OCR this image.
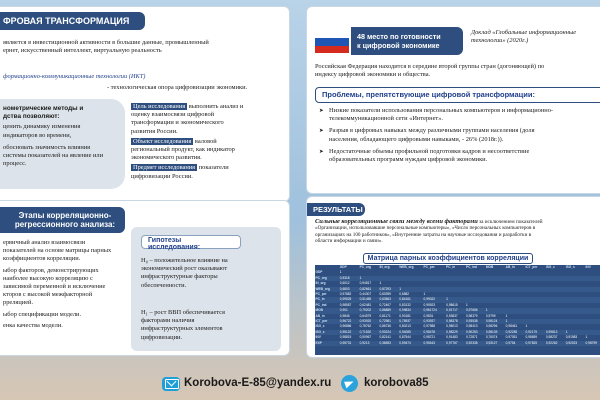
ФРОВАЯ ТРАНСФОРМАЦИЯ
является в инвестиционной активности в большие данные, промышленный
ернет, искусственный интеллект, виртуальную реальность
формационно-коммуникационные технологии (ИКТ)
- технологическая опора цифровизации экономики.
нометрические методы и
дства позволяют:
ценить динамику изменения
индикаторов во времени,
обосновать значимость влияния
системы показателей на явление или
процесс.
Цель исследования выполнить анализ и
оценку взаимосвязи цифровой
трансформации и экономического
развития России.
Объект исследования валовой
региональный продукт, как индикатор
экономического развития.
Предмет исследования показатели
цифровизации России.
48 место по готовности
к цифровой экономике
Доклад «Глобальные информационные
технологии» (2020г.)
Российская Федерация находится в середине второй группы стран (догоняющей) по
индексу цифровой экономики и общества.
Проблемы, препятствующие цифровой трансформации:
➤ Низкие показатели использования персональных компьютеров и информационно-
телекоммуникационной сети «Интернет».
➤ Разрыв в цифровых навыках между различными группами населения (доля
населения, обладающего цифровыми навыками, - 26% (2018г.)).
➤ Недостаточные объемы профильной подготовки кадров и несоответствие
образовательных программ нуждам цифровой экономики.
Этапы корреляционно-
регрессионного анализа:
ервичный анализ взаимосвязи
показателей на основе матрицы парных
коэффициентов корреляции.
ыбор факторов, демонстрирующих
наиболее высокую корреляцию с
зависимой переменной и исключение
кторов с высокой межфакторной
рреляцией.
ыбор спецификации модели.
енка качества модели.
Гипотезы исследования:
H₀ – положительное влияние на
экономический рост оказывают
инфраструктурные факторы
обеспеченности.
H₁ – рост ВВП обеспечивается
факторами наличия
инфраструктурных элементов
цифровизации.
РЕЗУЛЬТАТЫ
Сильные корреляционные связи между всеми факторами за исключением показателей
«Организации, использовавшие персональные компьютеры», «Число персональных компьютеров в
организациях на 100 работников», «Внутренние затраты на научные исследования и разработки в
области информации и связи».
Матрица парных коэффициентов корреляции
	GDP	PC_org	IN_org	WEB_org	PC_per	PC_in	PC_ind	MOB	AB_in	ICT_per	ISG_c	ISG_s	INV
GDP	1												
PC_org	0,5318	1											
IN_org	0,6012	0,94817	1										
WEB_org	0,6803	0,82661	0,87293	1									
PC_per	0,97882	0,44307	0,60399	0,6882	1								
PC_in	0,99525	0,51455	0,63563	0,84161	0,99022	1							
PC_ind	0,98587	0,62481	0,72467	0,83132	0,95923	0,98615	1						
MOB	0,901	0,79202	0,86889	0,99834	0,961724	0,91717	0,97656	1					
AB_in	0,9846	0,64579	0,81171	0,90181	0,9831	0,93837	0,98379	0,9799	1				
ICT_per	0,96722	0,93920	0,72981	0,78937	0,93937	0,98378	0,93538	0,95124	1				
ISG_c	0,96886	0,78762	0,86736	0,80213	0,97988	0,98013	0,98413	0,98296	0,98461	1			
ISG_s	0,95122	0,71520	0,90224	0,94085	0,98478	0,98229	0,90253	0,98139	0,92255	0,92175	0,99813	1	
INV	0,98815	0,50967	0,82141	0,87544	0,98721	0,91483	0,72871	0,76074	0,97051	0,98659	0,98237	0,91983	1
EXP	0,95731	0,9213	0,36553	0,59474	0,95163	0,97767	0,92338	0,93127	0,9754	0,97825	0,92262	0,92023	0,98799
Korobova-E-85@yandex.ru	korobova85
